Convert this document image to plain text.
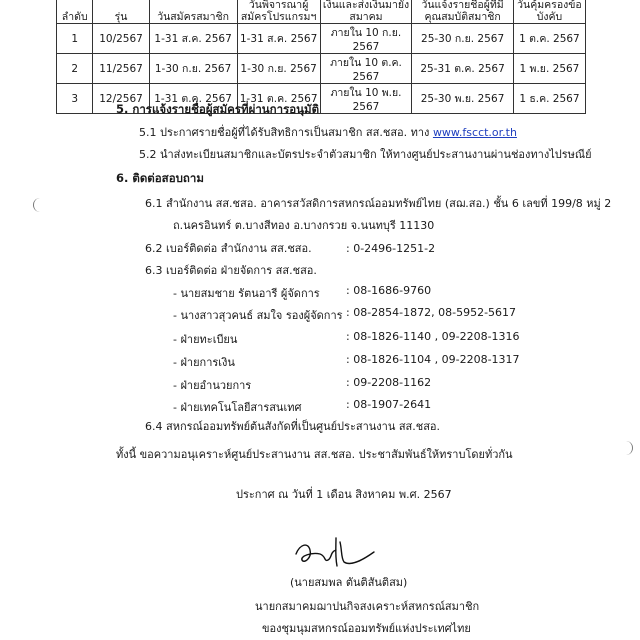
ลำดับ	รุ่น	วันสมัครสมาชิก	วันพิจารณาผู้สมัครโปรแกรมฯ	เงินและส่งเงินมายังสมาคม	วันแจ้งรายชื่อผู้ที่มีคุณสมบัติสมาชิก	วันคุ้มครองข้อบังคับ
1	10/2567	1-31 ส.ค. 2567	1-31 ส.ค. 2567	ภายใน 10 ก.ย. 2567	25-30 ก.ย. 2567	1 ต.ค. 2567
2	11/2567	1-30 ก.ย. 2567	1-30 ก.ย. 2567	ภายใน 10 ต.ค. 2567	25-31 ต.ค. 2567	1 พ.ย. 2567
3	12/2567	1-31 ต.ค. 2567	1-31 ต.ค. 2567	ภายใน 10 พ.ย. 2567	25-30 พ.ย. 2567	1 ธ.ค. 2567
5. การแจ้งรายชื่อผู้สมัครที่ผ่านการอนุมัติ
5.1 ประกาศรายชื่อผู้ที่ได้รับสิทธิการเป็นสมาชิก สส.ชสอ. ทาง www.fscct.or.th
5.2 นำส่งทะเบียนสมาชิกและบัตรประจำตัวสมาชิก ให้ทางศูนย์ประสานงานผ่านช่องทางไปรษณีย์
6. ติดต่อสอบถาม
6.1 สำนักงาน สส.ชสอ. อาคารสวัสดิการสหกรณ์ออมทรัพย์ไทย (สฌ.สอ.) ชั้น 6 เลขที่ 199/8 หมู่ 2
ถ.นครอินทร์ ต.บางสีทอง อ.บางกรวย จ.นนทบุรี 11130
6.2 เบอร์ติดต่อ สำนักงาน สส.ชสอ.	: 0-2496-1251-2
6.3 เบอร์ติดต่อ ฝ่ายจัดการ สส.ชสอ.
- นายสมชาย รัตนอารี ผู้จัดการ : 08-1686-9760
- นางสาวสุวคนธ์ สมใจ รองผู้จัดการ : 08-2854-1872, 08-5952-5617
- ฝ่ายทะเบียน	: 08-1826-1140 , 09-2208-1316
- ฝ่ายการเงิน	: 08-1826-1104 , 09-2208-1317
- ฝ่ายอำนวยการ	: 09-2208-1162
- ฝ่ายเทคโนโลยีสารสนเทศ	: 08-1907-2641
6.4 สหกรณ์ออมทรัพย์ต้นสังกัดที่เป็นศูนย์ประสานงาน สส.ชสอ.
ทั้งนี้ ขอความอนุเคราะห์ศูนย์ประสานงาน สส.ชสอ. ประชาสัมพันธ์ให้ทราบโดยทั่วกัน
ประกาศ ณ วันที่ 1 เดือน สิงหาคม พ.ศ. 2567
(นายสมพล ตันติสันติสม)
นายกสมาคมฌาปนกิจสงเคราะห์สหกรณ์สมาชิก
ของชุมนุมสหกรณ์ออมทรัพย์แห่งประเทศไทย
